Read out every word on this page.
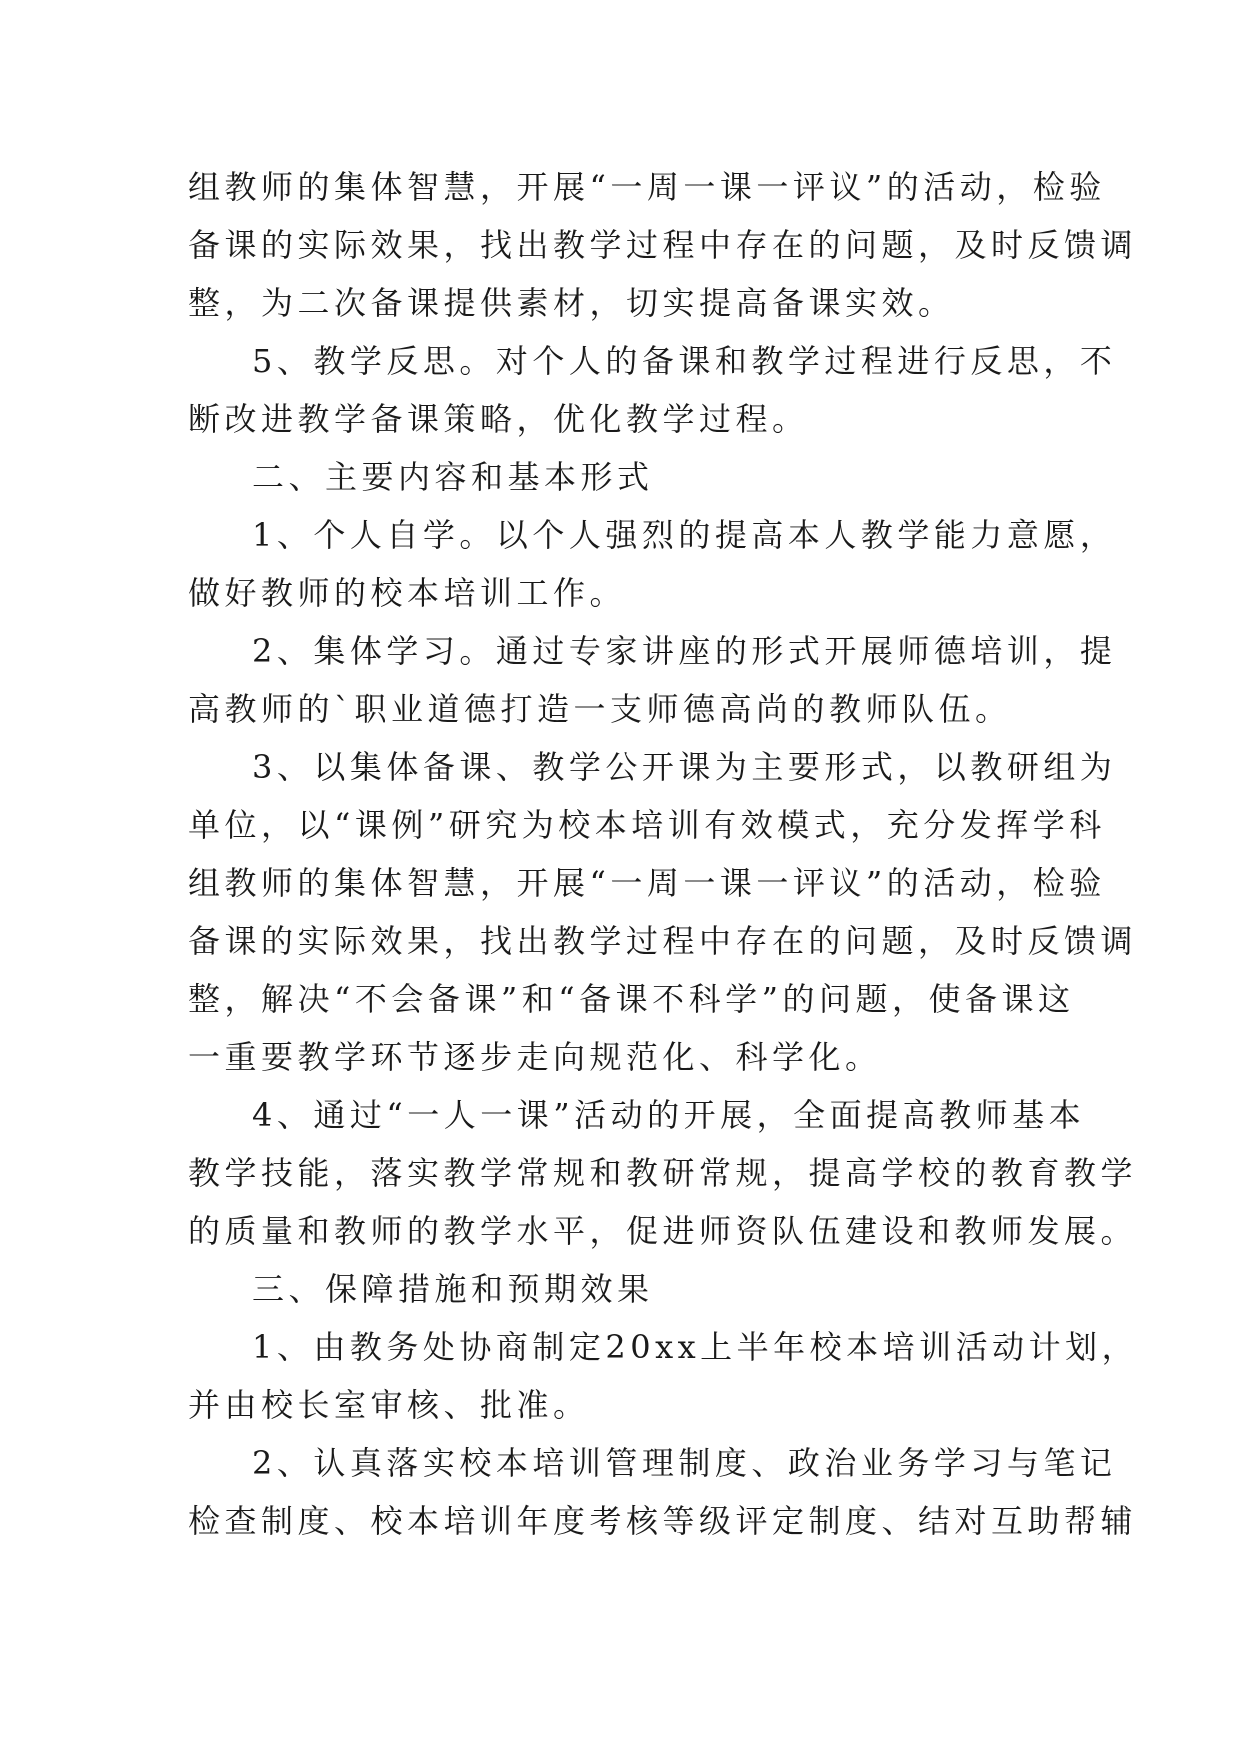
组教师的集体智慧，开展“一周一课一评议”的活动，检验
备课的实际效果，找出教学过程中存在的问题，及时反馈调
整，为二次备课提供素材，切实提高备课实效。
5、教学反思。对个人的备课和教学过程进行反思，不
断改进教学备课策略，优化教学过程。
二、主要内容和基本形式
1、个人自学。以个人强烈的提高本人教学能力意愿，
做好教师的校本培训工作。
2、集体学习。通过专家讲座的形式开展师德培训，提
高教师的`职业道德打造一支师德高尚的教师队伍。
3、以集体备课、教学公开课为主要形式，以教研组为
单位，以“课例”研究为校本培训有效模式，充分发挥学科
组教师的集体智慧，开展“一周一课一评议”的活动，检验
备课的实际效果，找出教学过程中存在的问题，及时反馈调
整，解决“不会备课”和“备课不科学”的问题，使备课这
一重要教学环节逐步走向规范化、科学化。
4、通过“一人一课”活动的开展，全面提高教师基本
教学技能，落实教学常规和教研常规，提高学校的教育教学
的质量和教师的教学水平，促进师资队伍建设和教师发展。
三、保障措施和预期效果
1、由教务处协商制定20xx上半年校本培训活动计划，
并由校长室审核、批准。
2、认真落实校本培训管理制度、政治业务学习与笔记
检查制度、校本培训年度考核等级评定制度、结对互助帮辅
